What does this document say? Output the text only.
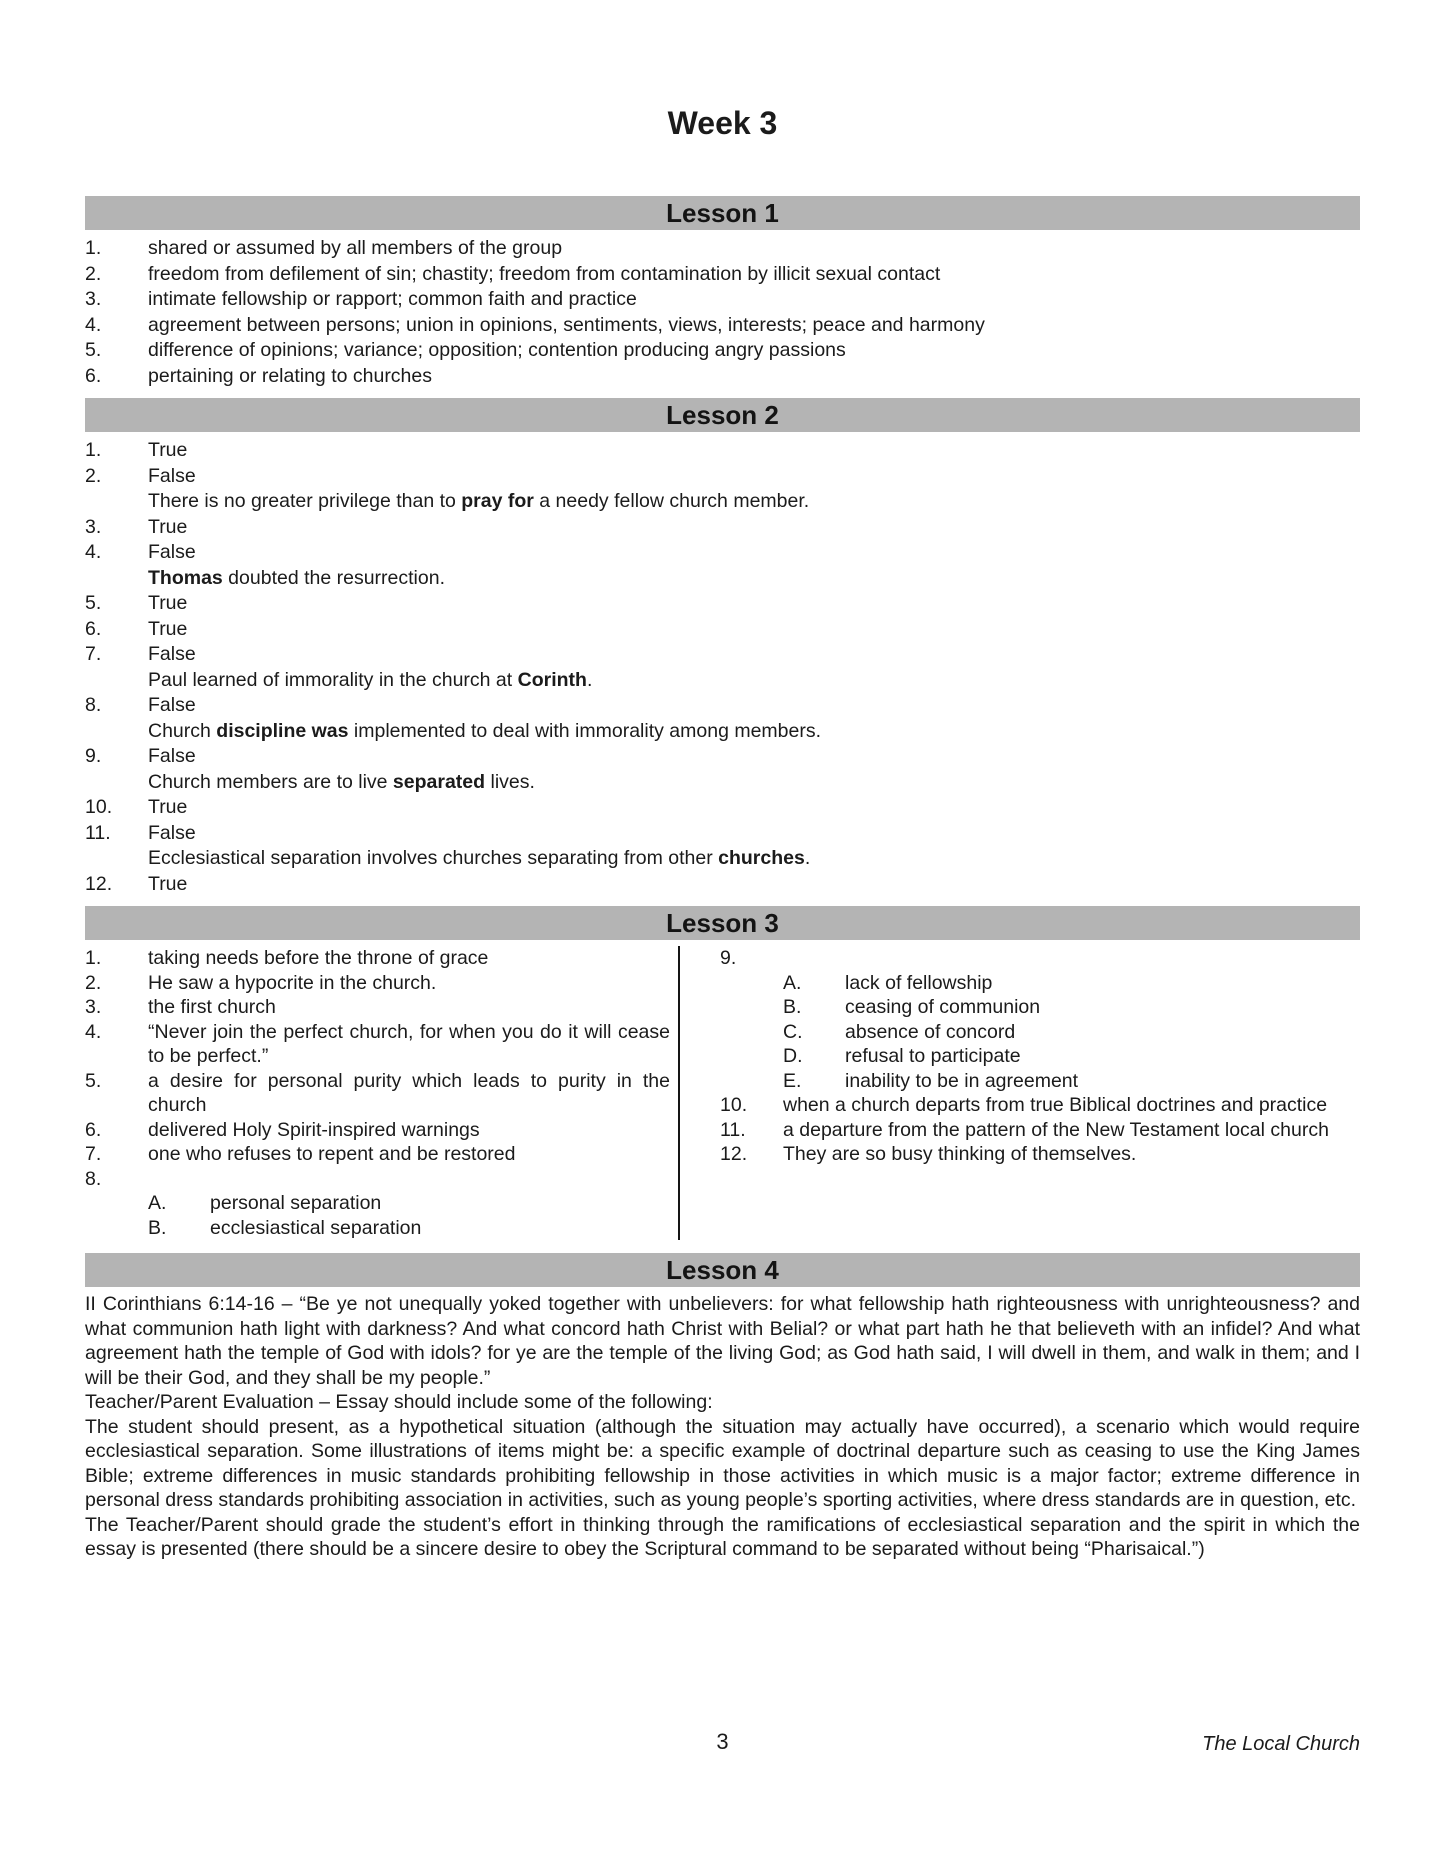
Week 3
Lesson 1
1.	shared or assumed by all members of the group
2.	freedom from defilement of sin; chastity; freedom from contamination by illicit sexual contact
3.	intimate fellowship or rapport; common faith and practice
4.	agreement between persons; union in opinions, sentiments, views, interests; peace and harmony
5.	difference of opinions; variance; opposition; contention producing angry passions
6.	pertaining or relating to churches
Lesson 2
1.	True
2.	False
There is no greater privilege than to pray for a needy fellow church member.
3.	True
4.	False
Thomas doubted the resurrection.
5.	True
6.	True
7.	False
Paul learned of immorality in the church at Corinth.
8.	False
Church discipline was implemented to deal with immorality among members.
9.	False
Church members are to live separated lives.
10.	True
11.	False
Ecclesiastical separation involves churches separating from other churches.
12.	True
Lesson 3
1.	taking needs before the throne of grace
2.	He saw a hypocrite in the church.
3.	the first church
4.	“Never join the perfect church, for when you do it will cease to be perfect.”
5.	a desire for personal purity which leads to purity in the church
6.	delivered Holy Spirit-inspired warnings
7.	one who refuses to repent and be restored
8.
A.	personal separation
B.	ecclesiastical separation
9.
A.	lack of fellowship
B.	ceasing of communion
C.	absence of concord
D.	refusal to participate
E.	inability to be in agreement
10.	when a church departs from true Biblical doctrines and practice
11.	a departure from the pattern of the New Testament local church
12.	They are so busy thinking of themselves.
Lesson 4

II Corinthians 6:14-16 – “Be ye not unequally yoked together with unbelievers: for what fellowship hath righteousness with unrighteousness? and what communion hath light with darkness? And what concord hath Christ with Belial? or what part hath he that believeth with an infidel? And what agreement hath the temple of God with idols? for ye are the temple of the living God; as God hath said, I will dwell in them, and walk in them; and I will be their God, and they shall be my people.”

Teacher/Parent Evaluation – Essay should include some of the following:

The student should present, as a hypothetical situation (although the situation may actually have occurred), a scenario which would require ecclesiastical separation. Some illustrations of items might be: a specific example of doctrinal departure such as ceasing to use the King James Bible; extreme differences in music standards prohibiting fellowship in those activities in which music is a major factor; extreme difference in personal dress standards prohibiting association in activities, such as young people’s sporting activities, where dress standards are in question, etc.

The Teacher/Parent should grade the student’s effort in thinking through the ramifications of ecclesiastical separation and the spirit in which the essay is presented (there should be a sincere desire to obey the Scriptural command to be separated without being “Pharisaical.”)

3	The Local Church
